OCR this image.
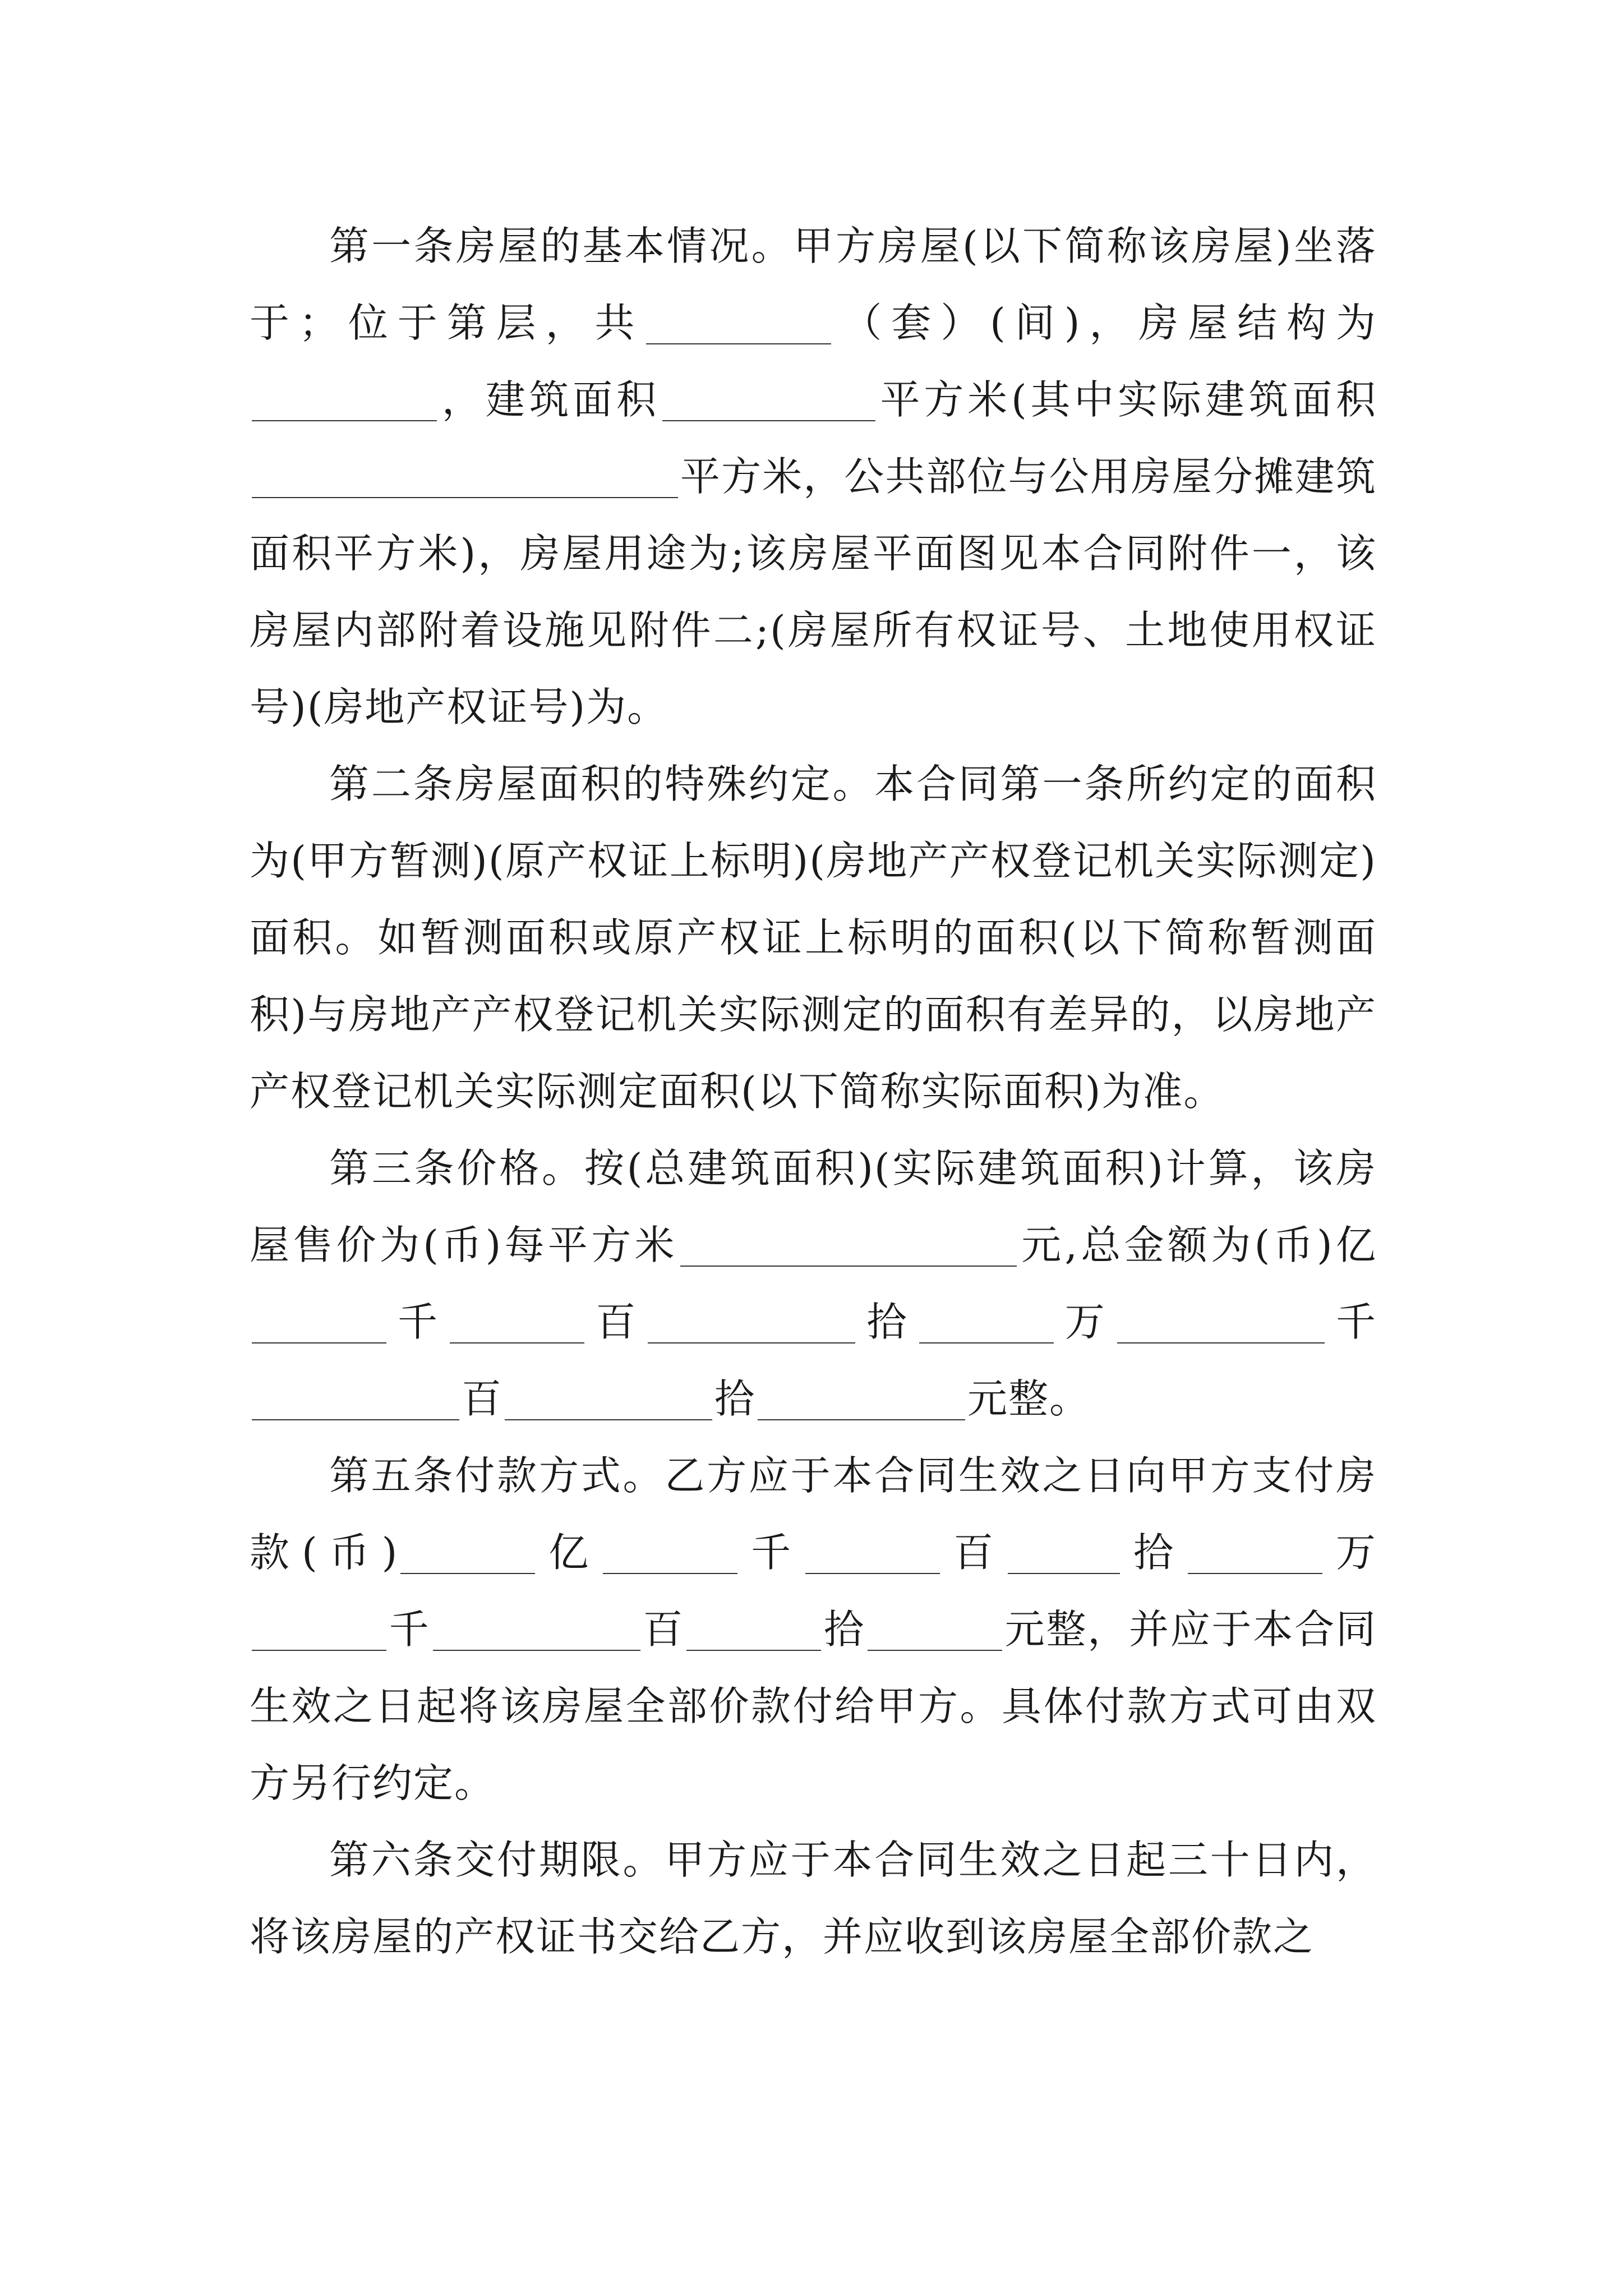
第一条房屋的基本情况。甲方房屋(以下简称该房屋)坐落于；位于第层，共	（套）(间)，房屋结构为，建筑面积	平方米(其中实际建筑面积平方米，公共部位与公用房屋分摊建筑面积平方米)，房屋用途为;该房屋平面图见本合同附件一，该房屋内部附着设施见附件二;(房屋所有权证号、土地使用权证号)(房地产权证号)为。

第二条房屋面积的特殊约定。本合同第一条所约定的面积为(甲方暂测)(原产权证上标明)(房地产产权登记机关实际测定)面积。如暂测面积或原产权证上标明的面积(以下简称暂测面积)与房地产产权登记机关实际测定的面积有差异的，以房地产产权登记机关实际测定面积(以下简称实际面积)为准。

第三条价格。按(总建筑面积)(实际建筑面积)计算，该房屋售价为(币)每平方米	元,总金额为(币)亿千	百	拾	万	千百	拾	元整。

第五条付款方式。乙方应于本合同生效之日向甲方支付房款(币)	亿	千	百	拾	万千	百	拾	元整，并应于本合同生效之日起将该房屋全部价款付给甲方。具体付款方式可由双方另行约定。

第六条交付期限。甲方应于本合同生效之日起三十日内，将该房屋的产权证书交给乙方，并应收到该房屋全部价款之
